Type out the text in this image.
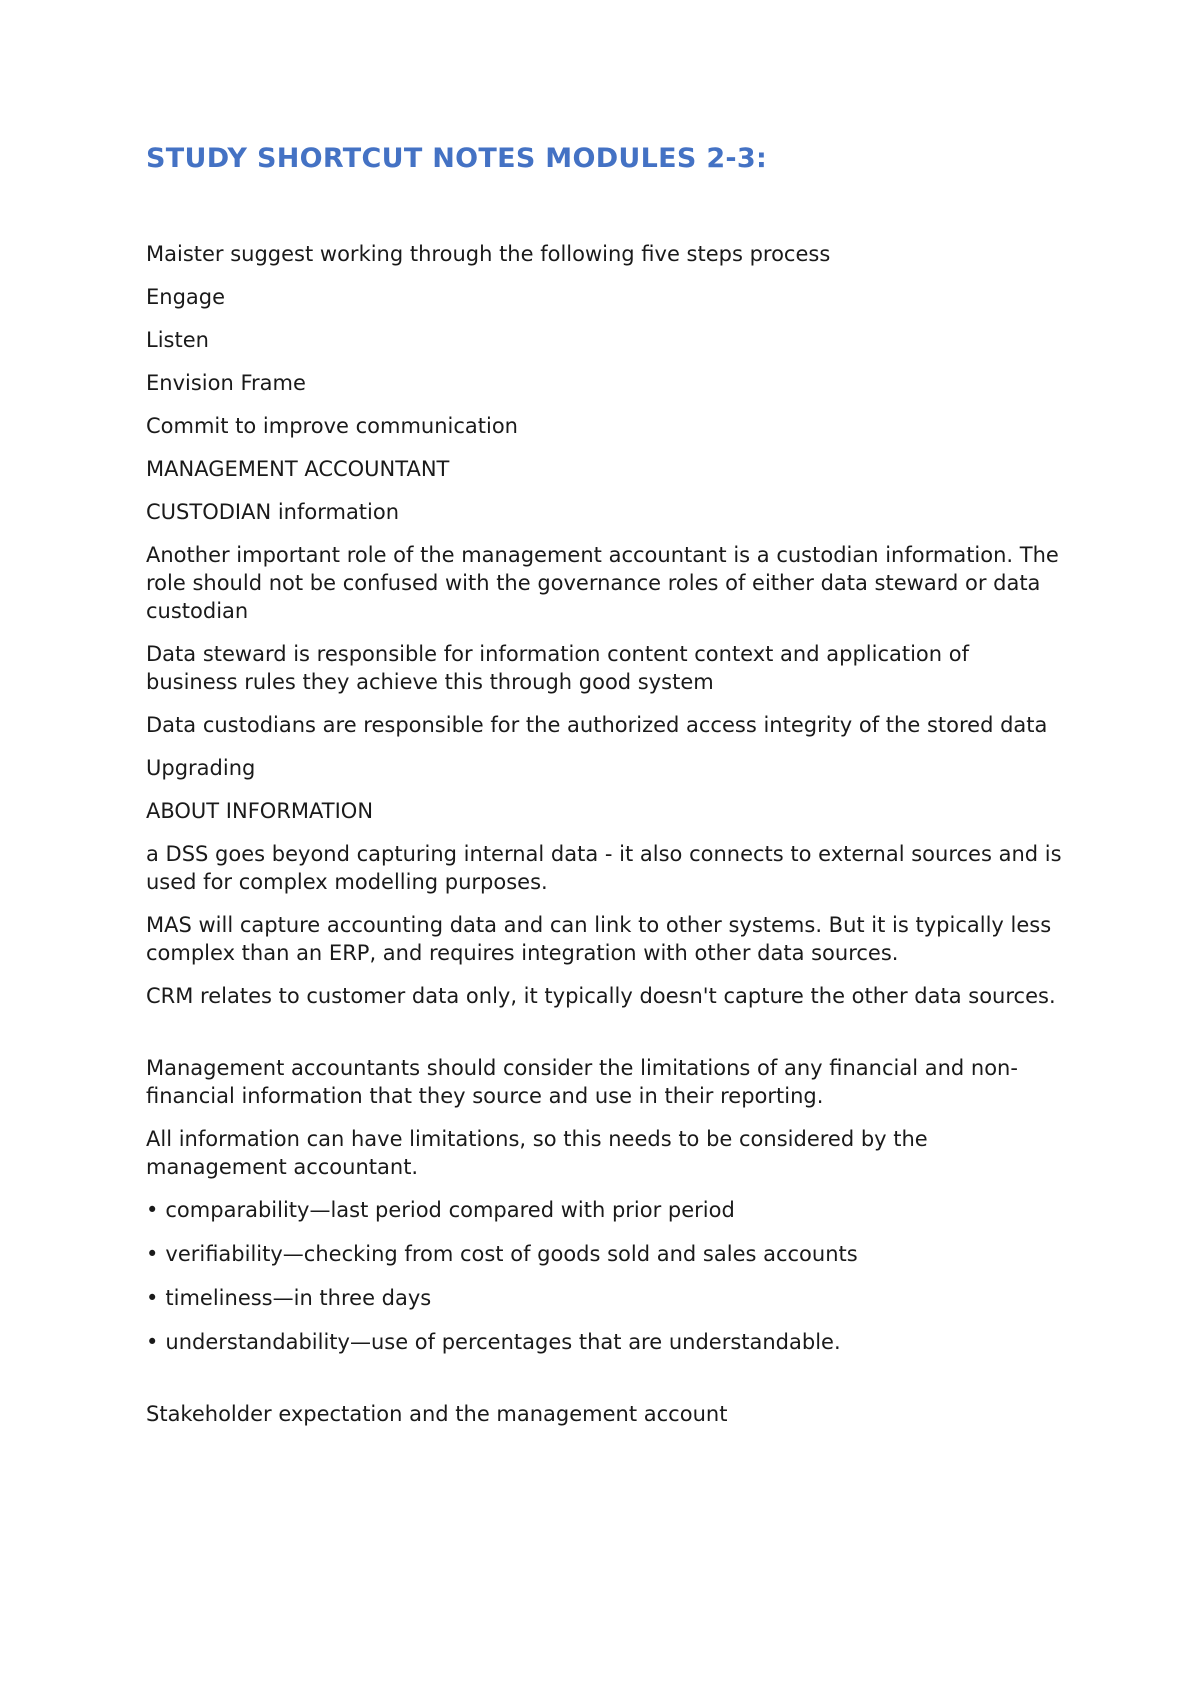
STUDY SHORTCUT NOTES MODULES 2-3:

Maister suggest working through the following five steps process

Engage

Listen

Envision Frame

Commit to improve communication

MANAGEMENT ACCOUNTANT

CUSTODIAN information

Another important role of the management accountant is a custodian information. The role should not be confused with the governance roles of either data steward or data custodian

Data steward is responsible for information content context and application of business rules they achieve this through good system

Data custodians are responsible for the authorized access integrity of the stored data

Upgrading

ABOUT INFORMATION

a DSS goes beyond capturing internal data - it also connects to external sources and is used for complex modelling purposes.

MAS will capture accounting data and can link to other systems. But it is typically less complex than an ERP, and requires integration with other data sources.

CRM relates to customer data only, it typically doesn't capture the other data sources.

Management accountants should consider the limitations of any financial and non-financial information that they source and use in their reporting.

All information can have limitations, so this needs to be considered by the management accountant.

• comparability—last period compared with prior period

• verifiability—checking from cost of goods sold and sales accounts

• timeliness—in three days

• understandability—use of percentages that are understandable.

Stakeholder expectation and the management account
